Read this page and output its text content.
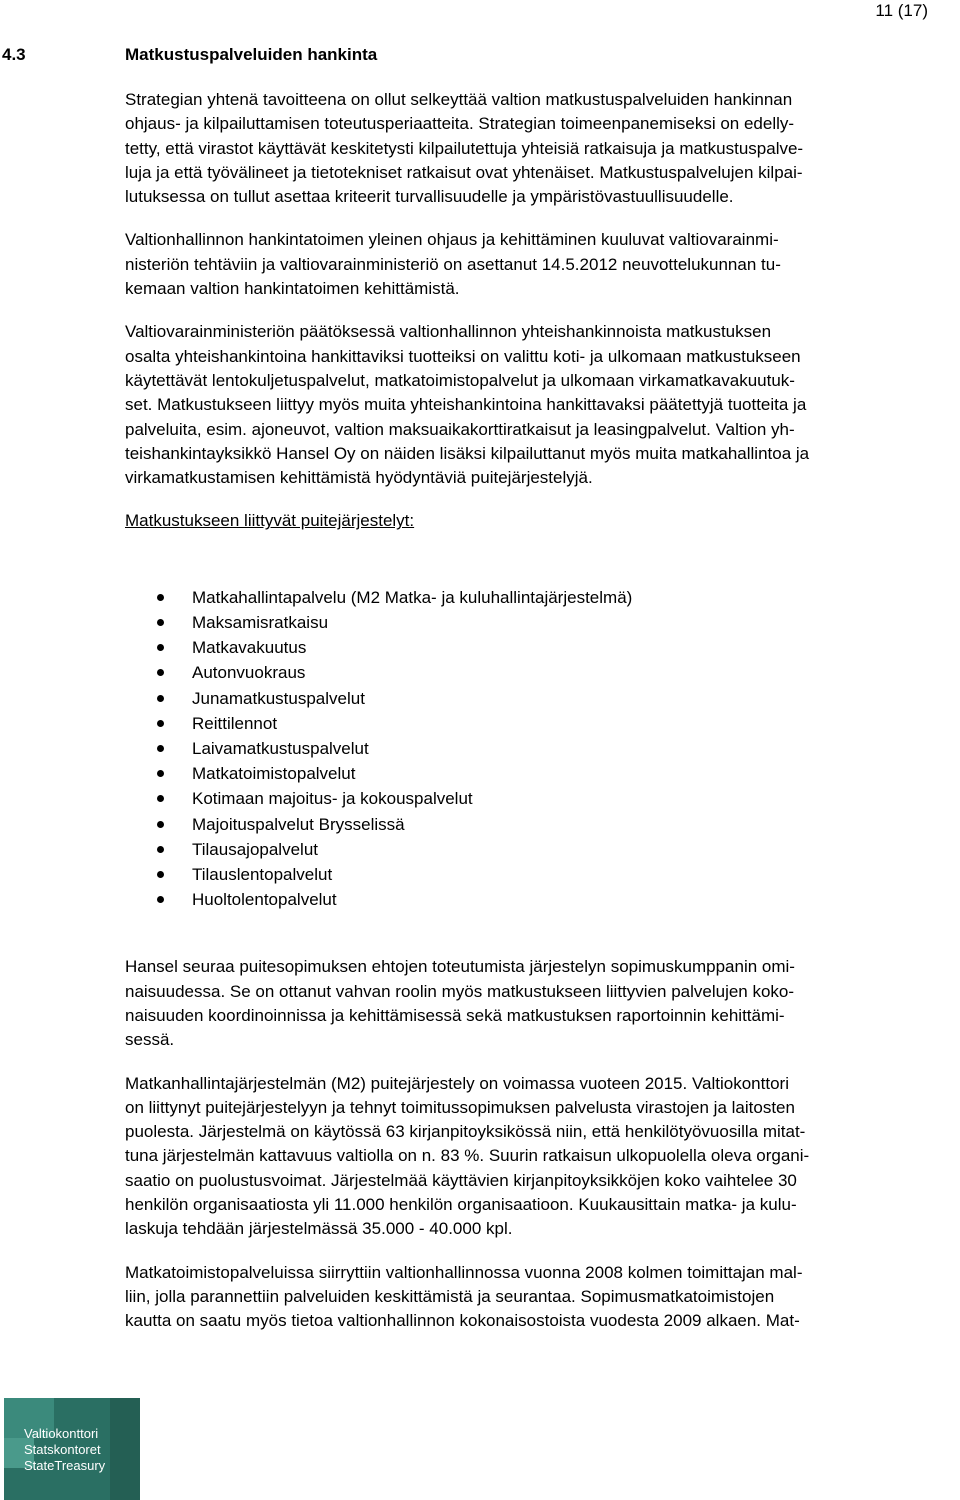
11 (17)
4.3	Matkustuspalveluiden hankinta

Strategian yhtenä tavoitteena on ollut selkeyttää valtion matkustuspalveluiden hankinnan
ohjaus- ja kilpailuttamisen toteutusperiaatteita. Strategian toimeenpanemiseksi on edelly-
tetty, että virastot käyttävät keskitetysti kilpailutettuja yhteisiä ratkaisuja ja matkustuspalve-
luja ja että työvälineet ja tietotekniset ratkaisut ovat yhtenäiset. Matkustuspalvelujen kilpai-
lutuksessa on tullut asettaa kriteerit turvallisuudelle ja ympäristövastuullisuudelle.

Valtionhallinnon hankintatoimen yleinen ohjaus ja kehittäminen kuuluvat valtiovarainmi-
nisteriön tehtäviin ja valtiovarainministeriö on asettanut 14.5.2012 neuvottelukunnan tu-
kemaan valtion hankintatoimen kehittämistä.

Valtiovarainministeriön päätöksessä valtionhallinnon yhteishankinnoista matkustuksen
osalta yhteishankintoina hankittaviksi tuotteiksi on valittu koti- ja ulkomaan matkustukseen
käytettävät lentokuljetuspalvelut, matkatoimistopalvelut ja ulkomaan virkamatkavakuutuk-
set. Matkustukseen liittyy myös muita yhteishankintoina hankittavaksi päätettyjä tuotteita ja
palveluita, esim. ajoneuvot, valtion maksuaikakorttiratkaisut ja leasingpalvelut. Valtion yh-
teishankintayksikkö Hansel Oy on näiden lisäksi kilpailuttanut myös muita matkahallintoa ja
virkamatkustamisen kehittämistä hyödyntäviä puitejärjestelyjä.

Matkustukseen liittyvät puitejärjestelyt:
Matkahallintapalvelu (M2 Matka- ja kuluhallintajärjestelmä)
Maksamisratkaisu
Matkavakuutus
Autonvuokraus
Junamatkustuspalvelut
Reittilennot
Laivamatkustuspalvelut
Matkatoimistopalvelut
Kotimaan majoitus- ja kokouspalvelut
Majoituspalvelut Brysselissä
Tilausajopalvelut
Tilauslentopalvelut
Huoltolentopalvelut

Hansel seuraa puitesopimuksen ehtojen toteutumista järjestelyn sopimuskumppanin omi-
naisuudessa. Se on ottanut vahvan roolin myös matkustukseen liittyvien palvelujen koko-
naisuuden koordinoinnissa ja kehittämisessä sekä matkustuksen raportoinnin kehittämi-
sessä.

Matkanhallintajärjestelmän (M2) puitejärjestely on voimassa vuoteen 2015. Valtiokonttori
on liittynyt puitejärjestelyyn ja tehnyt toimitussopimuksen palvelusta virastojen ja laitosten
puolesta. Järjestelmä on käytössä 63 kirjanpitoyksikössä niin, että henkilötyövuosilla mitat-
tuna järjestelmän kattavuus valtiolla on n. 83 %. Suurin ratkaisun ulkopuolella oleva organi-
saatio on puolustusvoimat. Järjestelmää käyttävien kirjanpitoyksikköjen koko vaihtelee 30
henkilön organisaatiosta yli 11.000 henkilön organisaatioon. Kuukausittain matka- ja kulu-
laskuja tehdään järjestelmässä 35.000 - 40.000 kpl.

Matkatoimistopalveluissa siirryttiin valtionhallinnossa vuonna 2008 kolmen toimittajan mal-
liin, jolla parannettiin palveluiden keskittämistä ja seurantaa. Sopimusmatkatoimistojen
kautta on saatu myös tietoa valtionhallinnon kokonaisostoista vuodesta 2009 alkaen. Mat-

Valtiokonttori
Statskontoret
StateTreasury
